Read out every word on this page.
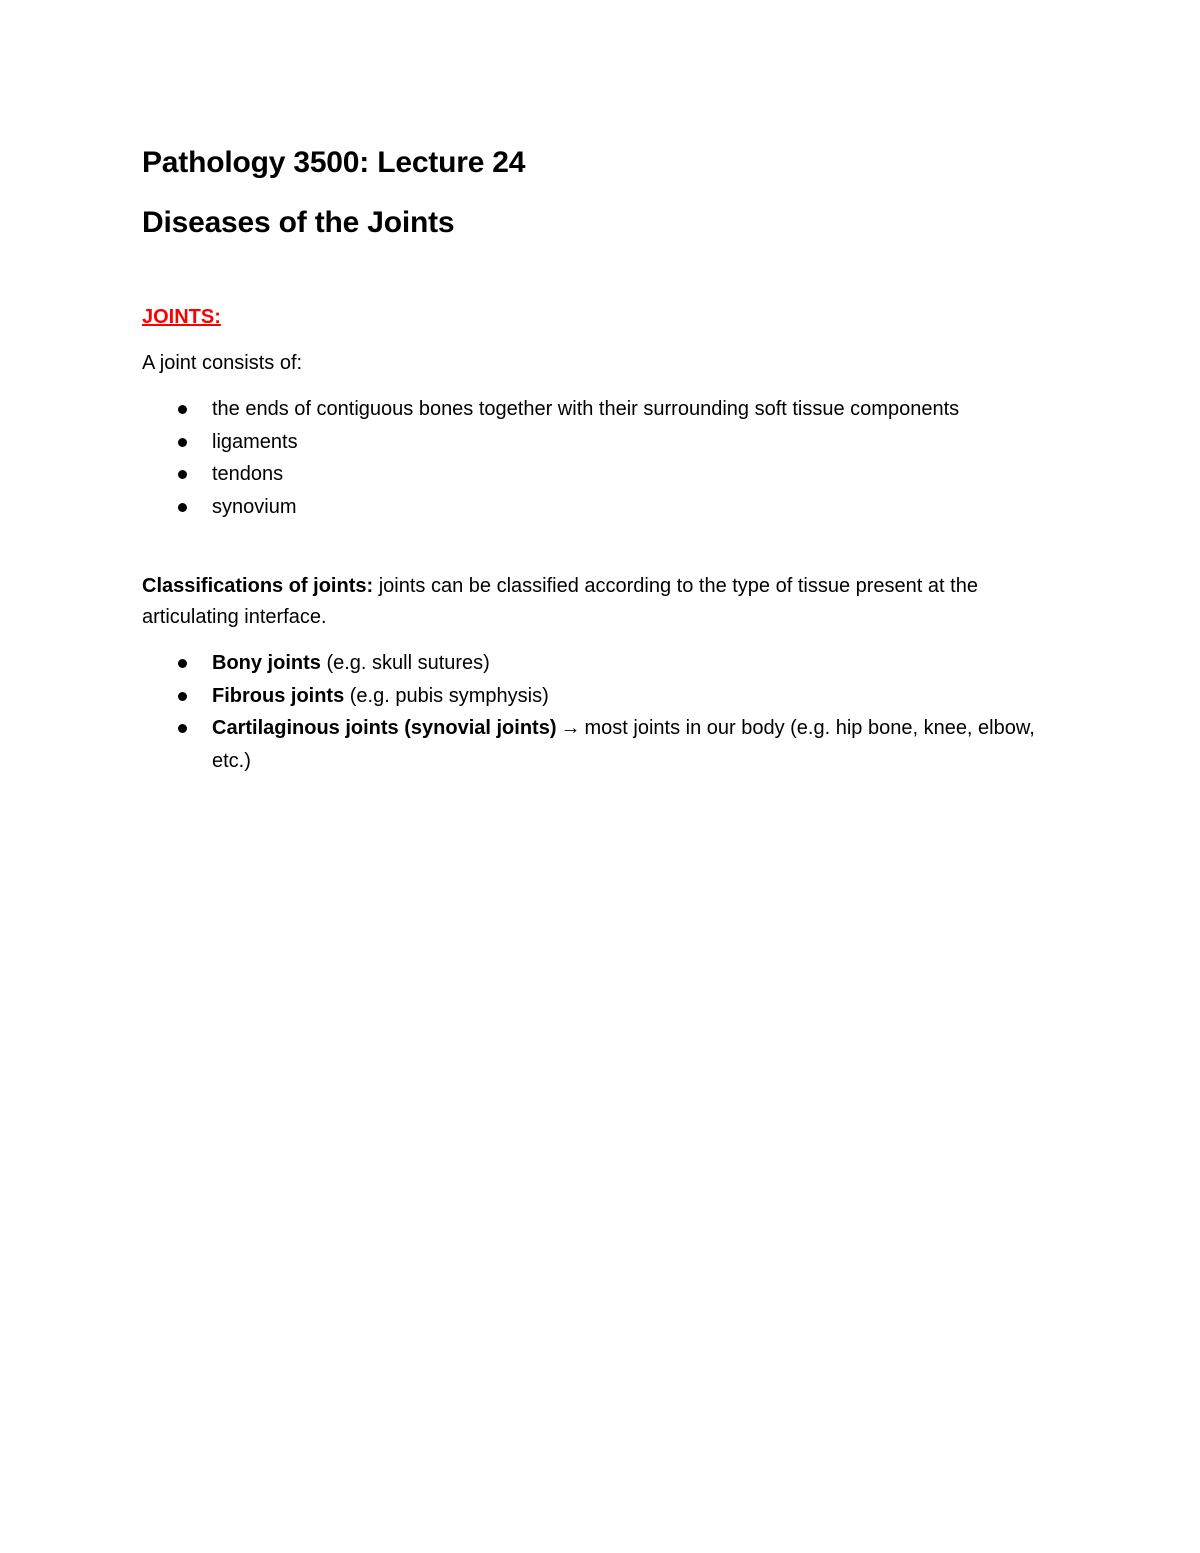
Pathology 3500: Lecture 24
Diseases of the Joints
JOINTS:

A joint consists of:

the ends of contiguous bones together with their surrounding soft tissue components
ligaments
tendons
synovium

Classifications of joints: joints can be classified according to the type of tissue present at the articulating interface.

Bony joints (e.g. skull sutures)
Fibrous joints (e.g. pubis symphysis)
Cartilaginous joints (synovial joints) → most joints in our body (e.g. hip bone, knee, elbow, etc.)
